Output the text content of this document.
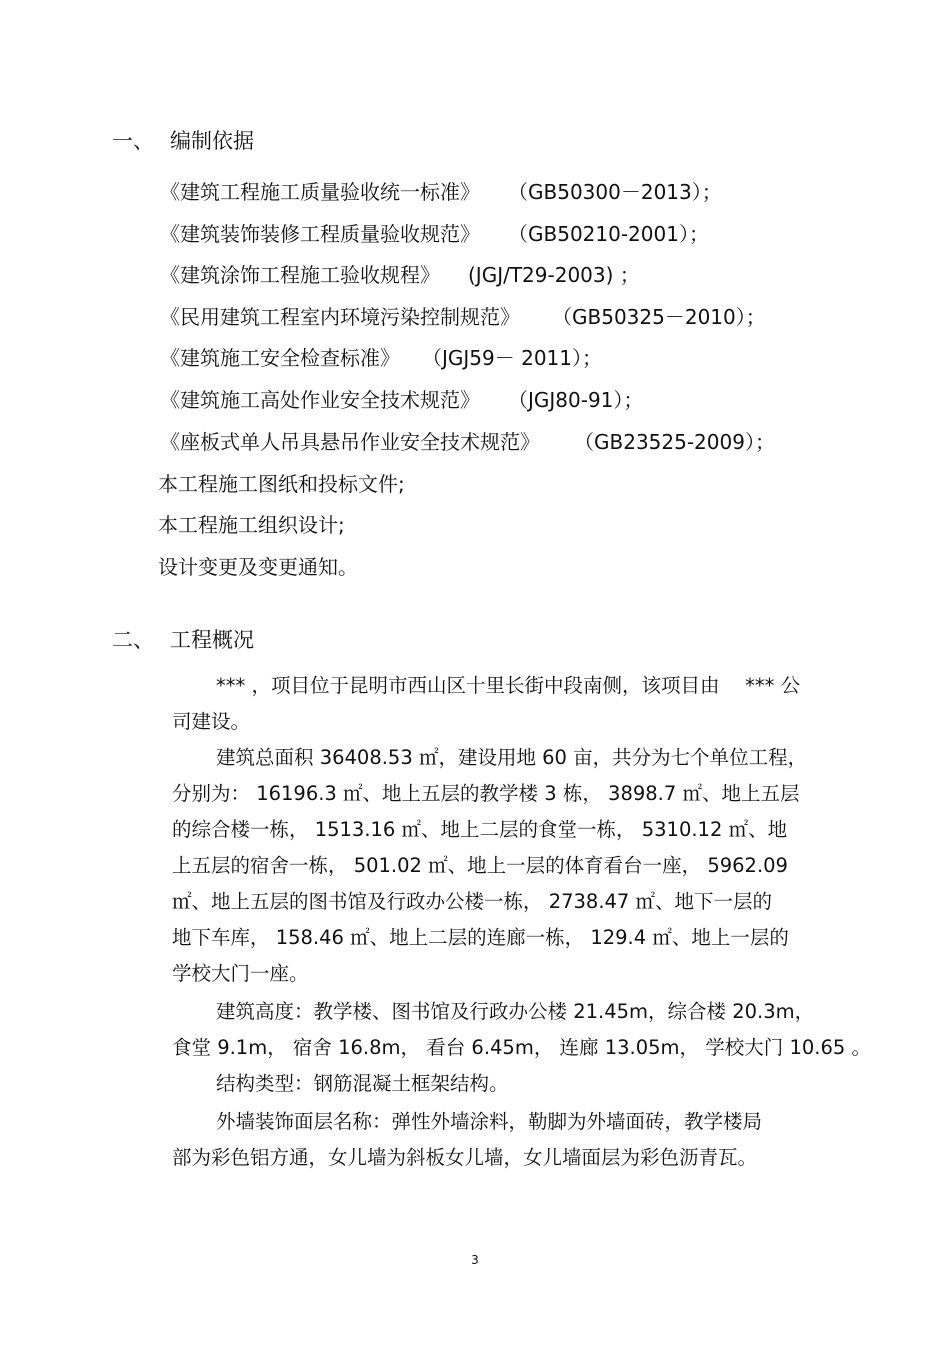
一、 编制依据
《建筑工程施工质量验收统一标准》 （GB50300－2013）；
《建筑装饰装修工程质量验收规范》 （GB50210-2001）；
《建筑涂饰工程施工验收规程》 (JGJ/T29-2003) ；
《民用建筑工程室内环境污染控制规范》 （GB50325－2010）；
《建筑施工安全检查标准》 （JGJ59－ 2011）；
《建筑施工高处作业安全技术规范》 （JGJ80-91）；
《座板式单人吊具悬吊作业安全技术规范》 （GB23525-2009）；
本工程施工图纸和投标文件;
本工程施工组织设计;
设计变更及变更通知。
二、 工程概况
*** ，项目位于昆明市西山区十里长街中段南侧，该项目由　 *** 公
司建设。
建筑总面积 36408.53 ㎡，建设用地 60 亩，共分为七个单位工程，
分别为： 16196.3 ㎡、地上五层的教学楼 3 栋， 3898.7 ㎡、地上五层
的综合楼一栋， 1513.16 ㎡、地上二层的食堂一栋， 5310.12 ㎡、地
上五层的宿舍一栋， 501.02 ㎡、地上一层的体育看台一座， 5962.09
㎡、地上五层的图书馆及行政办公楼一栋， 2738.47 ㎡、地下一层的
地下车库， 158.46 ㎡、地上二层的连廊一栋， 129.4 ㎡、地上一层的
学校大门一座。
建筑高度：教学楼、图书馆及行政办公楼 21.45m，综合楼 20.3m，
食堂 9.1m， 宿舍 16.8m， 看台 6.45m， 连廊 13.05m， 学校大门 10.65 。
结构类型：钢筋混凝土框架结构。
外墙装饰面层名称：弹性外墙涂料，勒脚为外墙面砖，教学楼局
部为彩色铝方通，女儿墙为斜板女儿墙，女儿墙面层为彩色沥青瓦。
3
